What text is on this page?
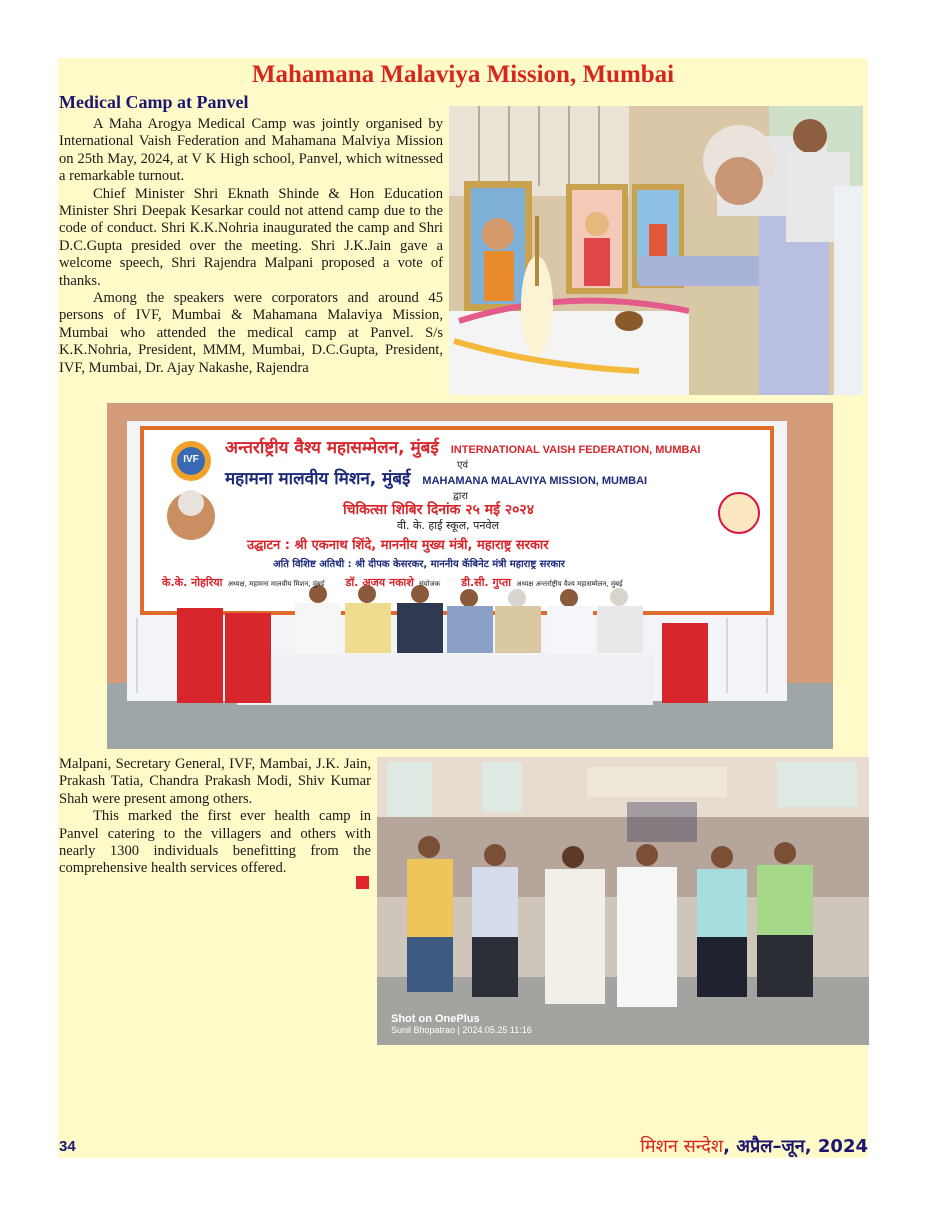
Mahamana Malaviya Mission, Mumbai
Medical Camp at Panvel

A Maha Arogya Medical Camp was jointly organised by International Vaish Federation and Mahamana Malviya Mission on 25th May, 2024, at V K High school, Panvel, which witnessed a remarkable turnout.

Chief Minister Shri Eknath Shinde & Hon Education Minister Shri Deepak Kesarkar could not attend camp due to the code of conduct. Shri K.K.Nohria inaugurated the camp and Shri D.C.Gupta presided over the meeting. Shri J.K.Jain gave a welcome speech, Shri Rajendra Malpani proposed a vote of thanks.

Among the speakers were corporators and around 45 persons of IVF, Mumbai & Mahamana Malaviya Mission, Mumbai who attended the medical camp at Panvel. S/s K.K.Nohria, President, MMM, Mumbai, D.C.Gupta, President, IVF, Mumbai, Dr. Ajay Nakashe, Rajendra

IVF
अन्तर्राष्ट्रीय वैश्य महासम्मेलन, मुंबई INTERNATIONAL VAISH FEDERATION, MUMBAI
एवं
महामना मालवीय मिशन, मुंबई MAHAMANA MALAVIYA MISSION, MUMBAI
द्वारा
चिकित्सा शिबिर दिनांक २५ मई २०२४
वी. के. हाई स्कूल, पनवेल
उद्घाटन : श्री एकनाथ शिंदे, माननीय मुख्य मंत्री, महाराष्ट्र सरकार
अति विशिष्ट अतिथी : श्री दीपक केसरकर, माननीय कॅबिनेट मंत्री महाराष्ट्र सरकार
के.के. नोहरिया अध्यक्ष, महामना मालवीय मिशन, मुंबई डॉ. अजय नकाशे संयोजक डी.सी. गुप्ता अध्यक्ष अन्तर्राष्ट्रीय वैश्य महासम्मेलन, मुंबई

Malpani, Secretary General, IVF, Mambai, J.K. Jain, Prakash Tatia, Chandra Prakash Modi, Shiv Kumar Shah were present among others.

This marked the first ever health camp in Panvel catering to the villagers and others with nearly 1300 individuals benefitting from the comprehensive health services offered.

Shot on OnePlus
Sunil Bhopatrao | 2024.05.25 11:16
34	मिशन सन्देश, अप्रैल–जून, 2024
